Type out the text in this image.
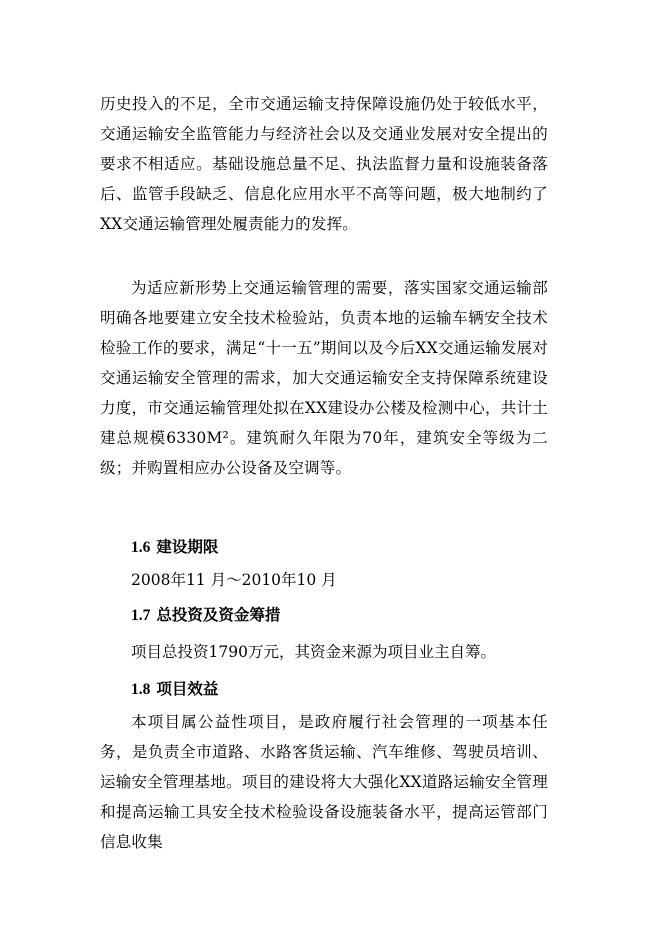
历史投入的不足，全市交通运输支持保障设施仍处于较低水平，交通运输安全监管能力与经济社会以及交通业发展对安全提出的要求不相适应。基础设施总量不足、执法监督力量和设施装备落后、监管手段缺乏、信息化应用水平不高等问题，极大地制约了XX交通运输管理处履责能力的发挥。

为适应新形势上交通运输管理的需要，落实国家交通运输部明确各地要建立安全技术检验站，负责本地的运输车辆安全技术检验工作的要求，满足“十一五”期间以及今后XX交通运输发展对交通运输安全管理的需求，加大交通运输安全支持保障系统建设力度，市交通运输管理处拟在XX建设办公楼及检测中心，共计土建总规模6330M²。建筑耐久年限为70年，建筑安全等级为二级；并购置相应办公设备及空调等。

1.6 建设期限

2008年11 月～2010年10 月

1.7 总投资及资金筹措

项目总投资1790万元，其资金来源为项目业主自筹。

1.8 项目效益

本项目属公益性项目，是政府履行社会管理的一项基本任务，是负责全市道路、水路客货运输、汽车维修、驾驶员培训、运输安全管理基地。项目的建设将大大强化XX道路运输安全管理和提高运输工具安全技术检验设备设施装备水平，提高运管部门信息收集
